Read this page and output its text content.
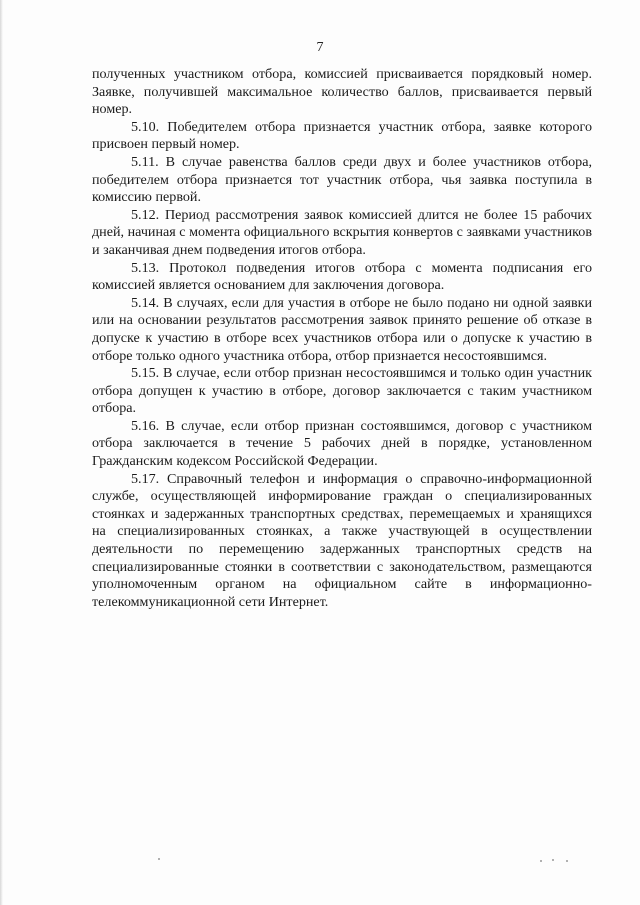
7

полученных участником отбора, комиссией присваивается порядковый номер. Заявке, получившей максимальное количество баллов, присваивается первый номер.

5.10. Победителем отбора признается участник отбора, заявке которого присвоен первый номер.

5.11. В случае равенства баллов среди двух и более участников отбора, победителем отбора признается тот участник отбора, чья заявка поступила в комиссию первой.

5.12. Период рассмотрения заявок комиссией длится не более 15 рабочих дней, начиная с момента официального вскрытия конвертов с заявками участников и заканчивая днем подведения итогов отбора.

5.13. Протокол подведения итогов отбора с момента подписания его комиссией является основанием для заключения договора.

5.14. В случаях, если для участия в отборе не было подано ни одной заявки или на основании результатов рассмотрения заявок принято решение об отказе в допуске к участию в отборе всех участников отбора или о допуске к участию в отборе только одного участника отбора, отбор признается несостоявшимся.

5.15. В случае, если отбор признан несостоявшимся и только один участник отбора допущен к участию в отборе, договор заключается с таким участником отбора.

5.16. В случае, если отбор признан состоявшимся, договор с участником отбора заключается в течение 5 рабочих дней в порядке, установленном Гражданским кодексом Российской Федерации.

5.17. Справочный телефон и информация о справочно-информационной службе, осуществляющей информирование граждан о специализированных стоянках и задержанных транспортных средствах, перемещаемых и хранящихся на специализированных стоянках, а также участвующей в осуществлении деятельности по перемещению задержанных транспортных средств на специализированные стоянки в соответствии с законодательством, размещаются уполномоченным органом на официальном сайте в информационно-телекоммуникационной сети Интернет.
